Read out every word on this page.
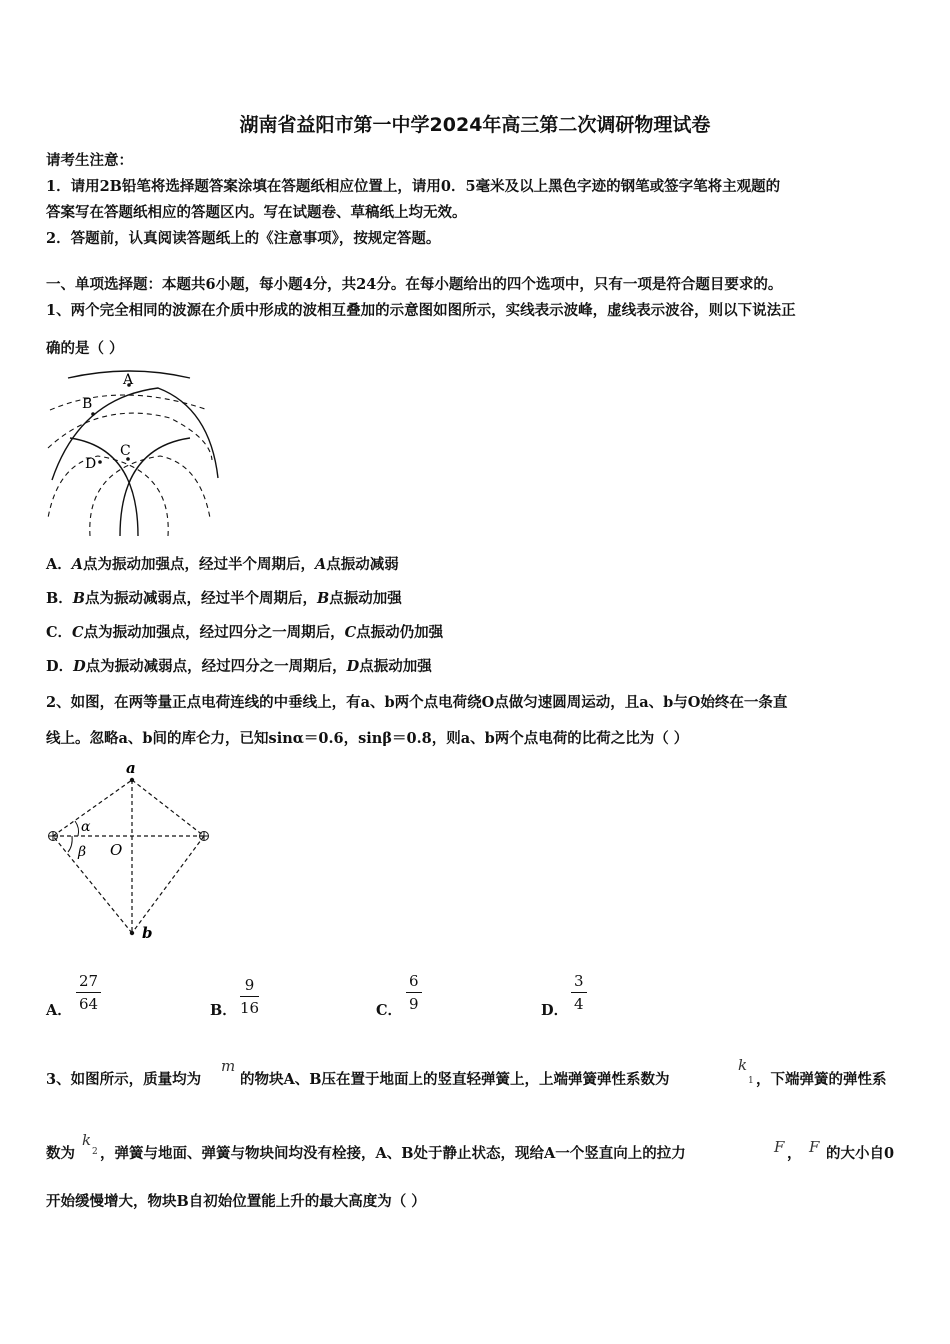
湖南省益阳市第一中学2024年高三第二次调研物理试卷
请考生注意：
1．请用2B铅笔将选择题答案涂填在答题纸相应位置上，请用0．5毫米及以上黑色字迹的钢笔或签字笔将主观题的
答案写在答题纸相应的答题区内。写在试题卷、草稿纸上均无效。
2．答题前，认真阅读答题纸上的《注意事项》，按规定答题。
一、单项选择题：本题共6小题，每小题4分，共24分。在每小题给出的四个选项中，只有一项是符合题目要求的。
1、两个完全相同的波源在介质中形成的波相互叠加的示意图如图所示，实线表示波峰，虚线表示波谷，则以下说法正
确的是（ ）
A
B
C
D
A．A点为振动加强点，经过半个周期后，A点振动减弱
B．B点为振动减弱点，经过半个周期后，B点振动加强
C．C点为振动加强点，经过四分之一周期后，C点振动仍加强
D．D点为振动减弱点，经过四分之一周期后，D点振动加强
2、如图，在两等量正点电荷连线的中垂线上，有a、b两个点电荷绕O点做匀速圆周运动，且a、b与O始终在一条直
线上。忽略a、b间的库仑力，已知sinα＝0.6，sinβ＝0.8，则a、b两个点电荷的比荷之比为（ ）
a
b
O
α
β
A．
27
64	B．
9
16	C．
6
9	D．
3
4
3、如图所示，质量均为
m
的物块A、B压在置于地面上的竖直轻弹簧上，上端弹簧弹性系数为
k
1 ，下端弹簧的弹性系
数为
k
2 ，弹簧与地面、弹簧与物块间均没有栓接，A、B处于静止状态，现给A一个竖直向上的拉力	F ， F 的大小自0
开始缓慢增大，物块B自初始位置能上升的最大高度为（ ）
